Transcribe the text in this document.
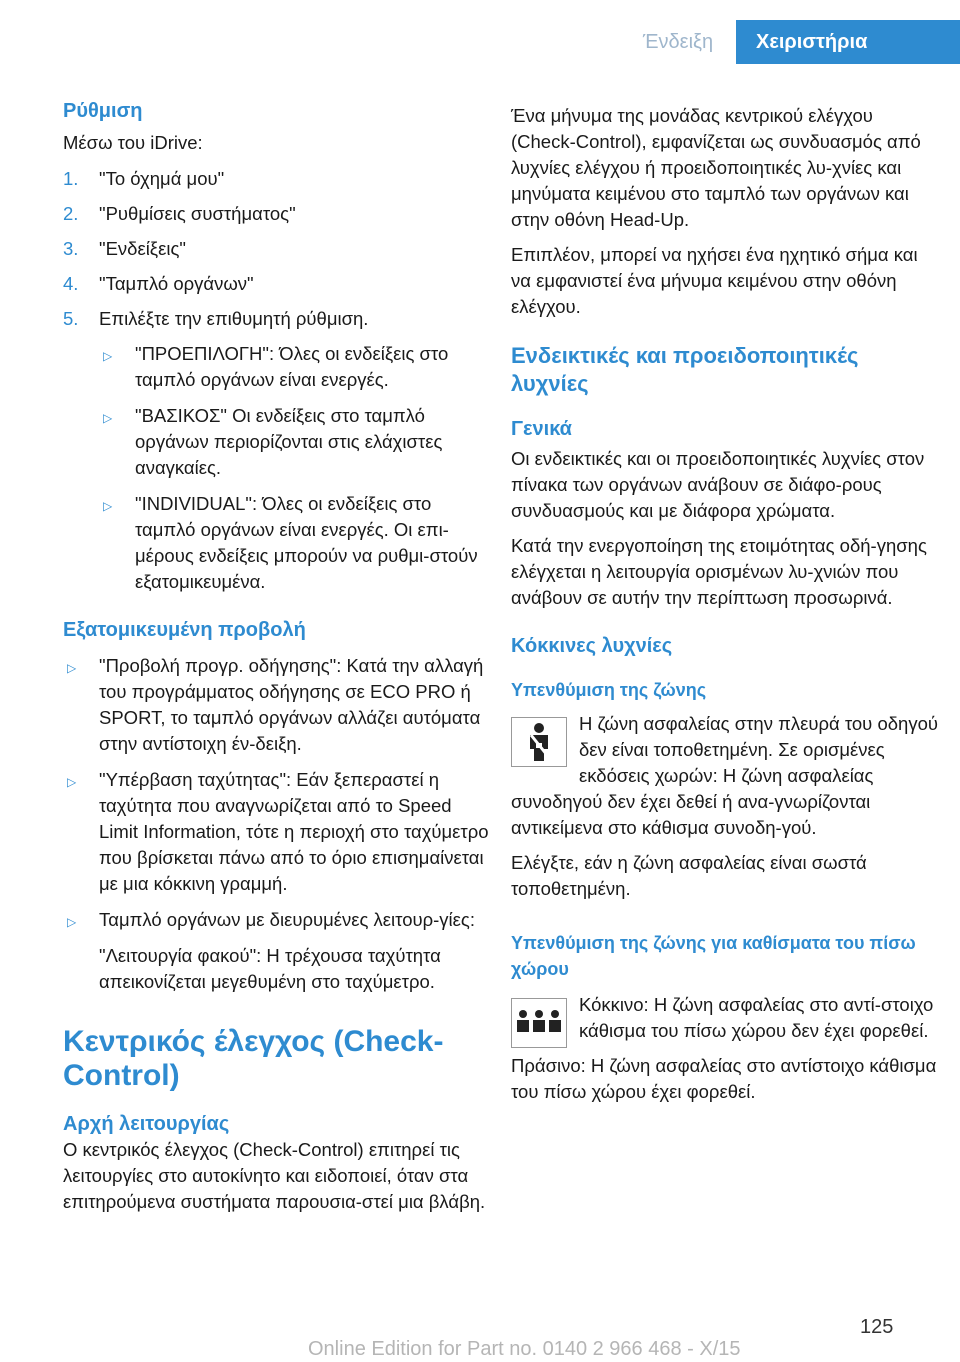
Ένδειξη	Χειριστήρια
Ρύθμιση
Μέσω του iDrive:
1. "Το όχημά μου"
2. "Ρυθμίσεις συστήματος"
3. "Ενδείξεις"
4. "Ταμπλό οργάνων"
5. Επιλέξτε την επιθυμητή ρύθμιση.
▷ "ΠΡΟΕΠΙΛΟΓΗ": Όλες οι ενδείξεις στο ταμπλό οργάνων είναι ενεργές.
▷ "ΒΑΣΙΚΟΣ" Οι ενδείξεις στο ταμπλό οργάνων περιορίζονται στις ελάχιστες αναγκαίες.
▷ "INDIVIDUAL": Όλες οι ενδείξεις στο ταμπλό οργάνων είναι ενεργές. Οι επι-μέρους ενδείξεις μπορούν να ρυθμι-στούν εξατομικευμένα.
Εξατομικευμένη προβολή
▷ "Προβολή προγρ. οδήγησης": Κατά την αλλαγή του προγράμματος οδήγησης σε ECO PRO ή SPORT, το ταμπλό οργάνων αλλάζει αυτόματα στην αντίστοιχη έν-δειξη.
▷ "Υπέρβαση ταχύτητας": Εάν ξεπεραστεί η ταχύτητα που αναγνωρίζεται από το Speed Limit Information, τότε η περιοχή στο ταχύμετρο που βρίσκεται πάνω από το όριο επισημαίνεται με μια κόκκινη γραμμή.
▷ Ταμπλό οργάνων με διευρυμένες λειτουρ-γίες:
"Λειτουργία φακού": Η τρέχουσα ταχύτητα απεικονίζεται μεγεθυμένη στο ταχύμετρο.
Κεντρικός έλεγχος (Check-Control)
Αρχή λειτουργίας
Ο κεντρικός έλεγχος (Check-Control) επιτηρεί τις λειτουργίες στο αυτοκίνητο και ειδοποιεί, όταν στα επιτηρούμενα συστήματα παρουσια-στεί μια βλάβη.
Ένα μήνυμα της μονάδας κεντρικού ελέγχου (Check-Control), εμφανίζεται ως συνδυασμός από λυχνίες ελέγχου ή προειδοποιητικές λυ-χνίες και μηνύματα κειμένου στο ταμπλό των οργάνων και στην οθόνη Head-Up.
Επιπλέον, μπορεί να ηχήσει ένα ηχητικό σήμα και να εμφανιστεί ένα μήνυμα κειμένου στην οθόνη ελέγχου.
Ενδεικτικές και προειδοποιητικές λυχνίες
Γενικά
Οι ενδεικτικές και οι προειδοποιητικές λυχνίες στον πίνακα των οργάνων ανάβουν σε διάφο-ρους συνδυασμούς και με διάφορα χρώματα.
Κατά την ενεργοποίηση της ετοιμότητας οδή-γησης ελέγχεται η λειτουργία ορισμένων λυ-χνιών που ανάβουν σε αυτήν την περίπτωση προσωρινά.
Κόκκινες λυχνίες
Υπενθύμιση της ζώνης
Η ζώνη ασφαλείας στην πλευρά του οδηγού δεν είναι τοποθετημένη. Σε ορισμένες εκδόσεις χωρών: Η ζώνη ασφαλείας συνοδηγού δεν έχει δεθεί ή ανα-γνωρίζονται αντικείμενα στο κάθισμα συνοδη-γού.
Ελέγξτε, εάν η ζώνη ασφαλείας είναι σωστά τοποθετημένη.
Υπενθύμιση της ζώνης για καθίσματα του πίσω χώρου
Κόκκινο: Η ζώνη ασφαλείας στο αντί-στοιχο κάθισμα του πίσω χώρου δεν έχει φορεθεί.
Πράσινο: Η ζώνη ασφαλείας στο αντίστοιχο κάθισμα του πίσω χώρου έχει φορεθεί.
125
Online Edition for Part no. 0140 2 966 468 - X/15
